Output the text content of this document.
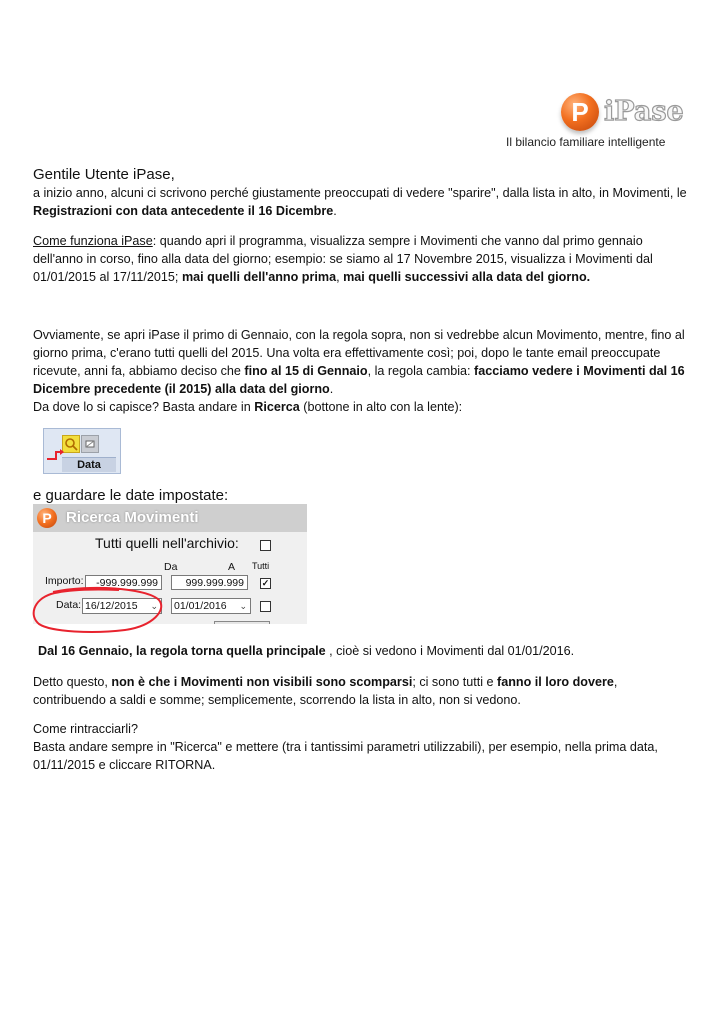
P iPase
Il bilancio familiare intelligente

Gentile Utente iPase,

a inizio anno, alcuni ci scrivono perché giustamente preoccupati di vedere "sparire", dalla lista in alto, in Movimenti, le Registrazioni con data antecedente il 16 Dicembre.

Come funziona iPase: quando apri il programma, visualizza sempre i Movimenti che vanno dal primo gennaio dell'anno in corso, fino alla data del giorno; esempio: se siamo al 17 Novembre 2015, visualizza i Movimenti dal 01/01/2015 al 17/11/2015; mai quelli dell'anno prima, mai quelli successivi alla data del giorno.

Ovviamente, se apri iPase il primo di Gennaio, con la regola sopra, non si vedrebbe alcun Movimento, mentre, fino al giorno prima, c'erano tutti quelli del 2015. Una volta era effettivamente così; poi, dopo le tante email preoccupate ricevute, anni fa, abbiamo deciso che fino al 15 di Gennaio, la regola cambia: facciamo vedere i Movimenti dal 16 Dicembre precedente (il 2015) alla data del giorno.
Da dove lo si capisce? Basta andare in Ricerca (bottone in alto con la lente):

Data

e guardare le date impostate:

P Ricerca Movimenti
Tutti quelli nell'archivio:
Da	A Tutti
Importo:	-999.999.999	999.999.999	✓
Data: 16/12/2015 ⌄ 01/01/2016 ⌄

Dal 16 Gennaio, la regola torna quella principale , cioè si vedono i Movimenti dal 01/01/2016.

Detto questo, non è che i Movimenti non visibili sono scomparsi; ci sono tutti e fanno il loro dovere, contribuendo a saldi e somme; semplicemente, scorrendo la lista in alto, non si vedono.

Come rintracciarli?
Basta andare sempre in "Ricerca" e mettere (tra i tantissimi parametri utilizzabili), per esempio, nella prima data, 01/11/2015 e cliccare RITORNA.
